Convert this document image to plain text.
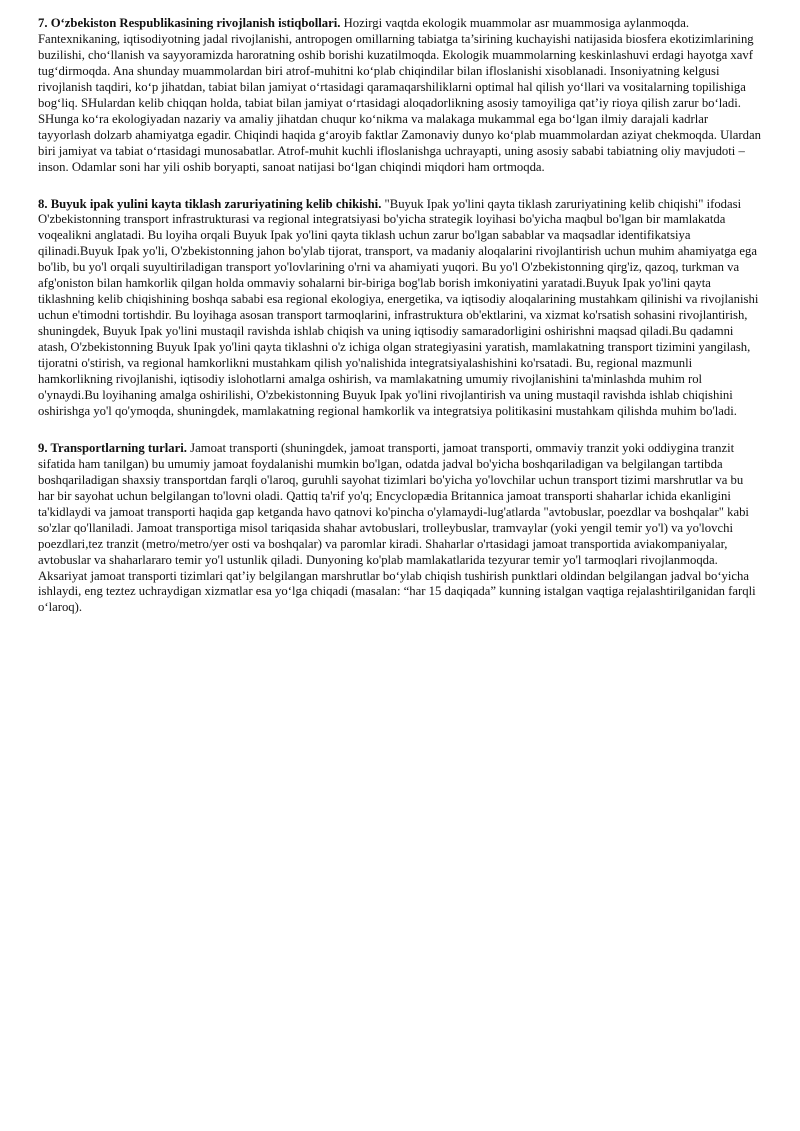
7. O‘zbekiston Respublikasining rivojlanish istiqbollari. Hozirgi vaqtda ekologik muammolar asr muammosiga aylanmoqda. Fantexnikaning, iqtisodiyotning jadal rivojlanishi, antropogen omillarning tabiatga ta’sirining kuchayishi natijasida biosfera ekotizimlarining buzilishi, cho‘llanish va sayyoramizda haroratning oshib borishi kuzatilmoqda. Ekologik muammolarning keskinlashuvi erdagi hayotga xavf tug‘dirmoqda. Ana shunday muammolardan biri atrof-muhitni ko‘plab chiqindilar bilan ifloslanishi xisoblanadi. Insoniyatning kelgusi rivojlanish taqdiri, ko‘p jihatdan, tabiat bilan jamiyat o‘rtasidagi qaramaqarshiliklarni optimal hal qilish yo‘llari va vositalarning topilishiga bog‘liq. SHulardan kelib chiqqan holda, tabiat bilan jamiyat o‘rtasidagi aloqadorlikning asosiy tamoyiliga qat’iy rioya qilish zarur bo‘ladi. SHunga ko‘ra ekologiyadan nazariy va amaliy jihatdan chuqur ko‘nikma va malakaga mukammal ega bo‘lgan ilmiy darajali kadrlar tayyorlash dolzarb ahamiyatga egadir. Chiqindi haqida g‘aroyib faktlar Zamonaviy dunyo ko‘plab muammolardan aziyat chekmoqda. Ulardan biri jamiyat va tabiat o‘rtasidagi munosabatlar. Atrof-muhit kuchli ifloslanishga uchrayapti, uning asosiy sababi tabiatning oliy mavjudoti – inson. Odamlar soni har yili oshib boryapti, sanoat natijasi bo‘lgan chiqindi miqdori ham ortmoqda.

8. Buyuk ipak yulini kayta tiklash zaruriyatining kelib chikishi. "Buyuk Ipak yo'lini qayta tiklash zaruriyatining kelib chiqishi" ifodasi O'zbekistonning transport infrastrukturasi va regional integratsiyasi bo'yicha strategik loyihasi bo'yicha maqbul bo'lgan bir mamlakatda voqealikni anglatadi. Bu loyiha orqali Buyuk Ipak yo'lini qayta tiklash uchun zarur bo'lgan sabablar va maqsadlar identifikatsiya qilinadi.Buyuk Ipak yo'li, O'zbekistonning jahon bo'ylab tijorat, transport, va madaniy aloqalarini rivojlantirish uchun muhim ahamiyatga ega bo'lib, bu yo'l orqali suyultiriladigan transport yo'lovlarining o'rni va ahamiyati yuqori. Bu yo'l O'zbekistonning qirg'iz, qazoq, turkman va afg'oniston bilan hamkorlik qilgan holda ommaviy sohalarni bir-biriga bog'lab borish imkoniyatini yaratadi.Buyuk Ipak yo'lini qayta tiklashning kelib chiqishining boshqa sababi esa regional ekologiya, energetika, va iqtisodiy aloqalarining mustahkam qilinishi va rivojlanishi uchun e'timodni tortishdir. Bu loyihaga asosan transport tarmoqlarini, infrastruktura ob'ektlarini, va xizmat ko'rsatish sohasini rivojlantirish, shuningdek, Buyuk Ipak yo'lini mustaqil ravishda ishlab chiqish va uning iqtisodiy samaradorligini oshirishni maqsad qiladi.Bu qadamni atash, O'zbekistonning Buyuk Ipak yo'lini qayta tiklashni o'z ichiga olgan strategiyasini yaratish, mamlakatning transport tizimini yangilash, tijoratni o'stirish, va regional hamkorlikni mustahkam qilish yo'nalishida integratsiyalashishini ko'rsatadi. Bu, regional mazmunli hamkorlikning rivojlanishi, iqtisodiy islohotlarni amalga oshirish, va mamlakatning umumiy rivojlanishini ta'minlashda muhim rol o'ynaydi.Bu loyihaning amalga oshirilishi, O'zbekistonning Buyuk Ipak yo'lini rivojlantirish va uning mustaqil ravishda ishlab chiqishini oshirishga yo'l qo'ymoqda, shuningdek, mamlakatning regional hamkorlik va integratsiya politikasini mustahkam qilishda muhim bo'ladi.

9. Transportlarning turlari. Jamoat transporti (shuningdek, jamoat transporti, jamoat transporti, ommaviy tranzit yoki oddiygina tranzit sifatida ham tanilgan) bu umumiy jamoat foydalanishi mumkin bo'lgan, odatda jadval bo'yicha boshqariladigan va belgilangan tartibda boshqariladigan shaxsiy transportdan farqli o'laroq, guruhli sayohat tizimlari bo'yicha yo'lovchilar uchun transport tizimi marshrutlar va bu har bir sayohat uchun belgilangan to'lovni oladi. Qattiq ta'rif yo'q; Encyclopædia Britannica jamoat transporti shaharlar ichida ekanligini ta'kidlaydi va jamoat transporti haqida gap ketganda havo qatnovi ko'pincha o'ylamaydi-lug'atlarda "avtobuslar, poezdlar va boshqalar" kabi so'zlar qo'llaniladi. Jamoat transportiga misol tariqasida shahar avtobuslari, trolleybuslar, tramvaylar (yoki yengil temir yo'l) va yo'lovchi poezdlari,tez tranzit (metro/metro/yer osti va boshqalar) va paromlar kiradi. Shaharlar o'rtasidagi jamoat transportida aviakompaniyalar, avtobuslar va shaharlararo temir yo'l ustunlik qiladi. Dunyoning ko'plab mamlakatlarida tezyurar temir yo'l tarmoqlari rivojlanmoqda. Aksariyat jamoat transporti tizimlari qat’iy belgilangan marshrutlar bo‘ylab chiqish tushirish punktlari oldindan belgilangan jadval bo‘yicha ishlaydi, eng teztez uchraydigan xizmatlar esa yo‘lga chiqadi (masalan: “har 15 daqiqada” kunning istalgan vaqtiga rejalashtirilganidan farqli o‘laroq).
